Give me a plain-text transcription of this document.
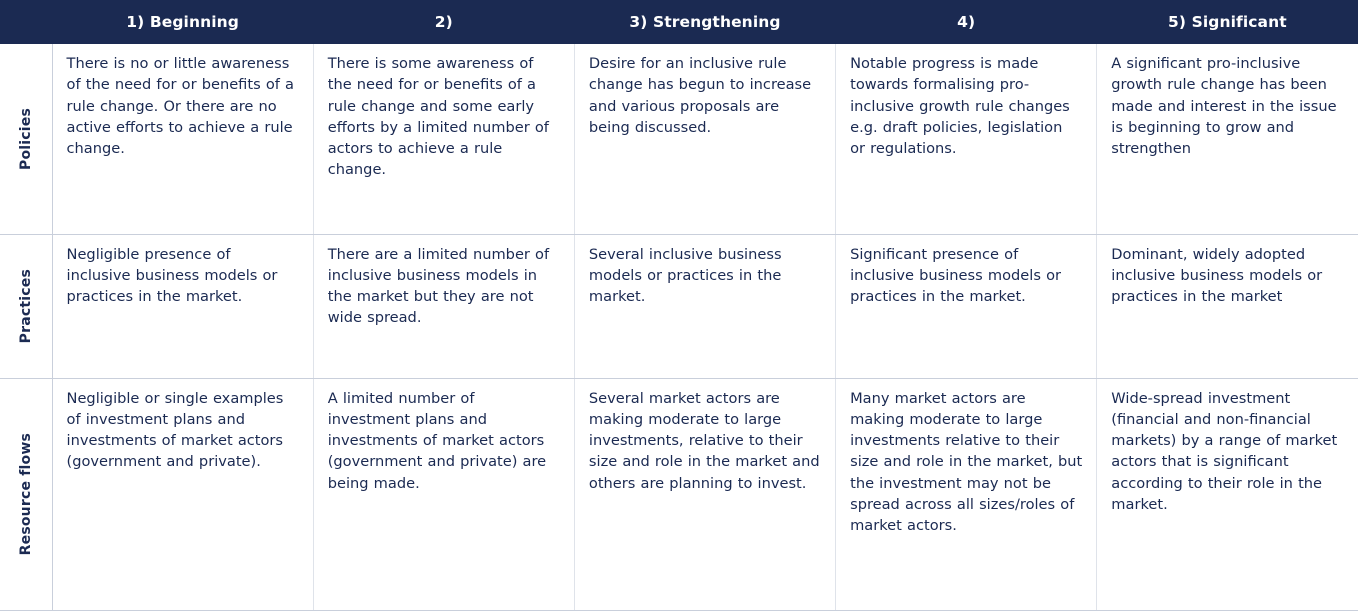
	1) Beginning	2)	3) Strengthening	4)	5) Significant

Policies	There is no or little awareness of the need for or benefits of a rule change. Or there are no active efforts to achieve a rule change.	There is some awareness of the need for or benefits of a rule change and some early efforts by a limited number of actors to achieve a rule change.	Desire for an inclusive rule change has begun to increase and various proposals are being discussed.	Notable progress is made towards formalising pro-inclusive growth rule changes e.g. draft policies, legislation or regulations.	A significant pro-inclusive growth rule change has been made and interest in the issue is beginning to grow and strengthen

Practices	Negligible presence of inclusive business models or practices in the market.	There are a limited number of inclusive business models in the market but they are not wide spread.	Several inclusive business models or practices in the market.	Significant presence of inclusive business models or practices in the market.	Dominant, widely adopted inclusive business models or practices in the market

Resource flows	Negligible or single examples of investment plans and investments of market actors (government and private).	A limited number of investment plans and investments of market actors (government and private) are being made.	Several market actors are making moderate to large investments, relative to their size and role in the market and others are planning to invest.	Many market actors are making moderate to large investments relative to their size and role in the market, but the investment may not be spread across all sizes/roles of market actors.	Wide-spread investment (financial and non-financial markets) by a range of market actors that is significant according to their role in the market.
